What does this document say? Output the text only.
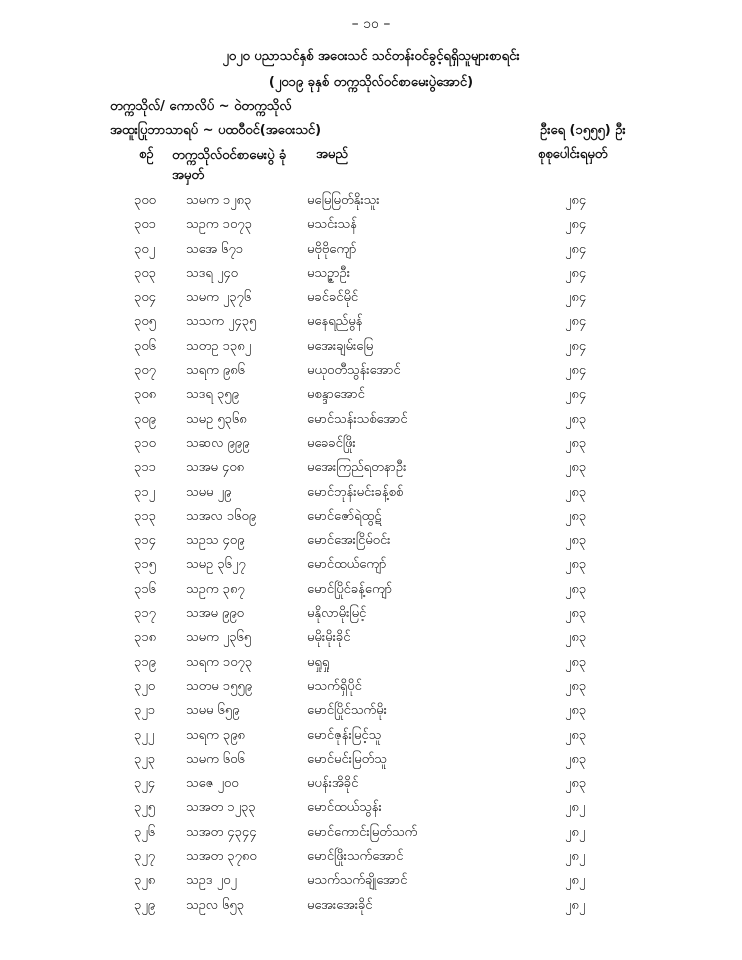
– ၁၀ –
၂၀၂၀ ပညာသင်နှစ် အဝေးသင် သင်တန်းဝင်ခွင့်ရရှိသူများစာရင်း
(၂၀၁၉ ခုနှစ် တက္ကသိုလ်ဝင်စာမေးပွဲအောင်)
တက္ကသိုလ်/ ကောလိပ် ~ ဝဲတက္ကသိုလ်
အထူးပြုဘာသာရပ် ~ ပထဝီဝင်(အဝေးသင်)	ဦးရေ (၁၅၅၅) ဦး
စဉ် တက္ကသိုလ်ဝင်စာမေးပွဲ ခုံအမှတ်
အမည်	စုစုပေါင်းရမှတ်
၃၀၀ သမက ၁၂၈၃	မမြေမြတ်နိုးသူး	၂၈၄
၃၀၁ သဥက ၁၀၇၃	မသင်းသန်	၂၈၄
၃၀၂ သအေ ၆၇၁	မဗိုဗိုကျော်	၂၈၄
၃၀၃ သဒရ ၂၄၀	မသဉ္ဇာဦး	၂၈၄
၃၀၄ သမက ၂၃၇၆	မခင်ခင်မိုင်	၂၈၄
၃၀၅ သသက ၂၄၃၅	မနေရည်မွန်	၂၈၄
၃၀၆ သတဥ ၁၃၈၂	မအေးချမ်းမြေ	၂၈၄
၃၀၇ သရက ၉၈၆	မယုဝတီသွန်းအောင်	၂၈၄
၃၀၈ သဒရ ၃၅၉	မစန္ဒာအောင်	၂၈၄
၃၀၉ သမဥ ၅၃၆၈	မောင်သန်းသစ်အောင်	၂၈၃
၃၁၀ သဆလ ၉၉၉	မခေခင်ဖြိုး	၂၈၃
၃၁၁ သအမ ၄၀၈	မအေးကြည်ရတနာဦး	၂၈၃
၃၁၂ သမမ ၂၉	မောင်ဘုန်းမင်းခန့်စစ်	၂၈၃
၃၁၃ သအလ ၁၆၀၉	မောင်ဇော်ရဲထွဋ်	၂၈၃
၃၁၄ သဥသ ၄၀၉	မောင်အေးငြိမ်ဝင်း	၂၈၃
၃၁၅ သမဥ ၃၆၂၇	မောင်ထယ်ကျော်	၂၈၃
၃၁၆ သဥက ၃၈၇	မောင်ပြိုင်ခန့်ကျော်	၂၈၃
၃၁၇ သအမ ၉၉၀	မနိုလာမိုးမြင့်	၂၈၃
၃၁၈ သမက ၂၃၆၅	မမိုးမိုးခိုင်	၂၈၃
၃၁၉ သရက ၁၀၇၃	မရှုရှု	၂၈၃
၃၂၀ သတမ ၁၅၅၉	မသက်ရှိပိုင်	၂၈၃
၃၂၁ သမမ ၆၅၉	မောင်ပြိုင်သက်မိုး	၂၈၃
၃၂၂ သရက ၃၉၈	မောင်ဇုန်းမြင့်သူ	၂၈၃
၃၂၃ သမက ၆၀၆	မောင်မင်းမြတ်သူ	၂၈၃
၃၂၄ သဇေ ၂၀၀	မပန်းအိခိုင်	၂၈၃
၃၂၅ သအတ ၁၂၃၃	မောင်ထယ်သွန်း	၂၈၂
၃၂၆ သအတ ၄၃၄၄	မောင်ကောင်းမြတ်သက်	၂၈၂
၃၂၇ သအတ ၃၇၈၀	မောင်ဖြိုးသက်အောင်	၂၈၂
၃၂၈ သဥဒ ၂၀၂	မသက်သက်ချိုအောင်	၂၈၂
၃၂၉ သဥလ ၆၅၃	မအေးအေးခိုင်	၂၈၂
